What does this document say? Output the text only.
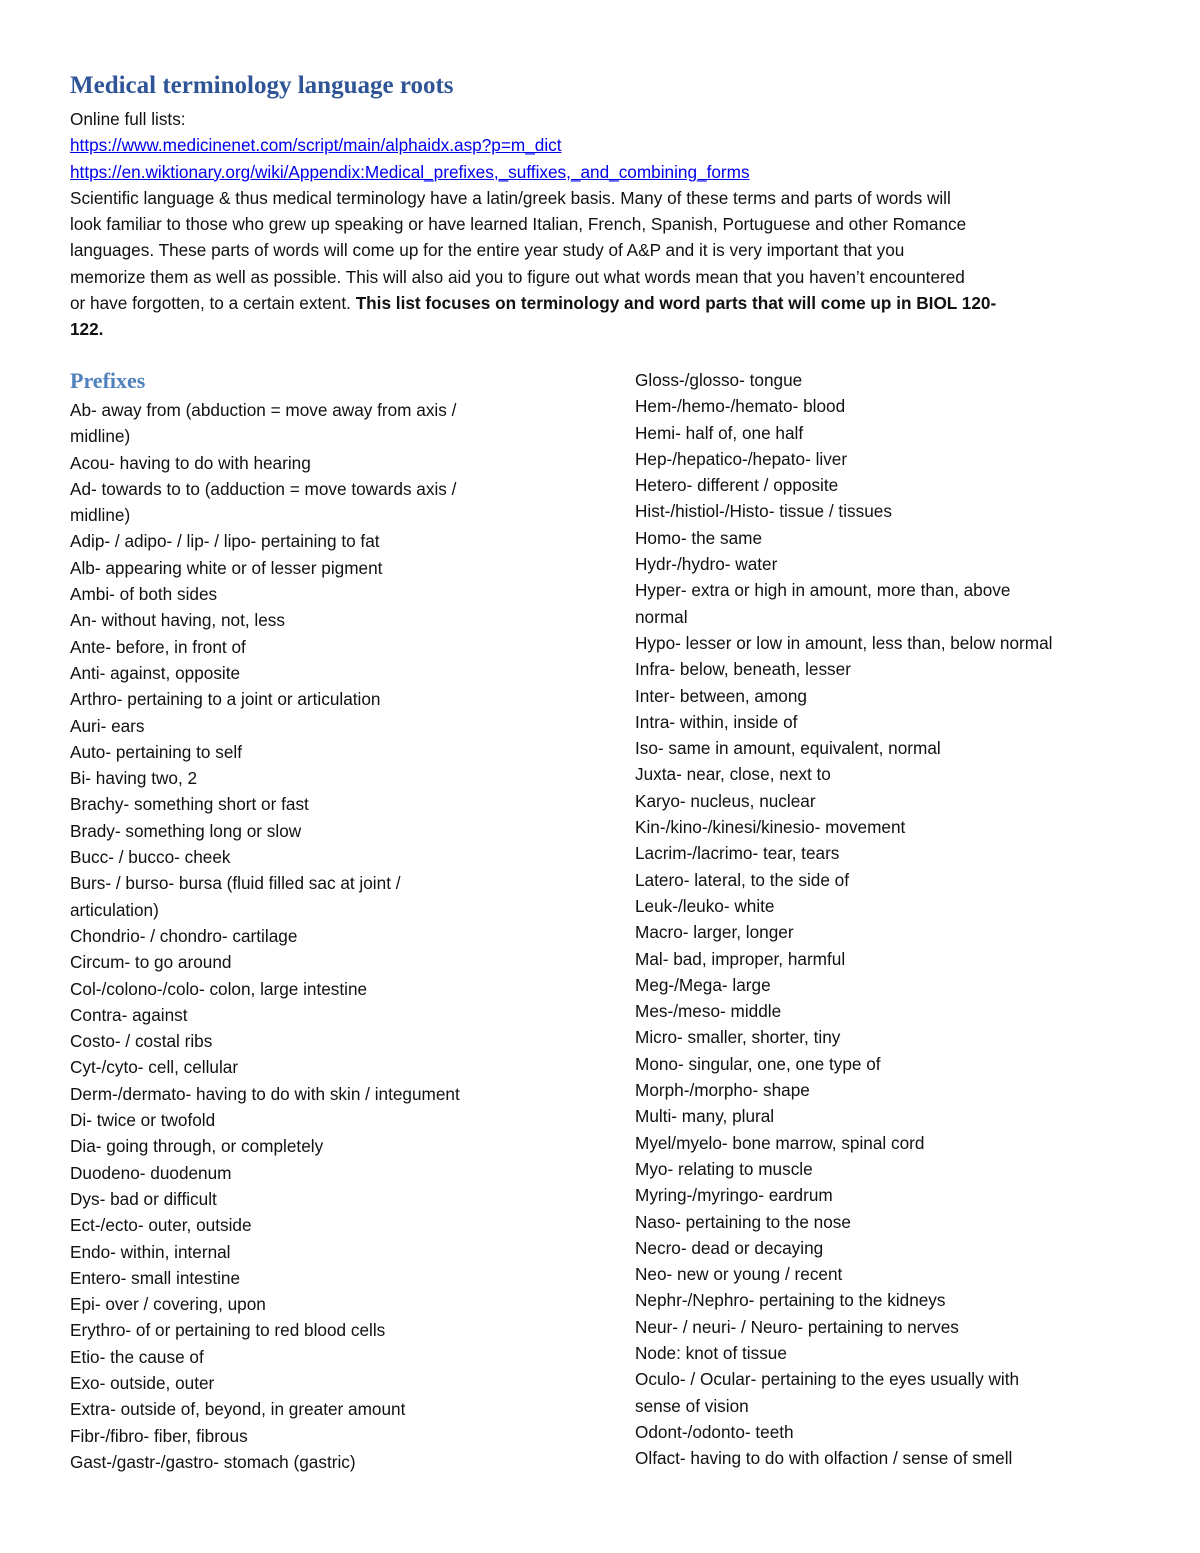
Medical terminology language roots
Online full lists:
https://www.medicinenet.com/script/main/alphaidx.asp?p=m_dict
https://en.wiktionary.org/wiki/Appendix:Medical_prefixes,_suffixes,_and_combining_forms
Scientific language & thus medical terminology have a latin/greek basis. Many of these terms and parts of words will
look familiar to those who grew up speaking or have learned Italian, French, Spanish, Portuguese and other Romance
languages. These parts of words will come up for the entire year study of A&P and it is very important that you
memorize them as well as possible. This will also aid you to figure out what words mean that you haven’t encountered
or have forgotten, to a certain extent. This list focuses on terminology and word parts that will come up in BIOL 120-
122.
Prefixes
Ab- away from (abduction = move away from axis /
midline)
Acou- having to do with hearing
Ad- towards to to (adduction = move towards axis /
midline)
Adip- / adipo- / lip- / lipo- pertaining to fat
Alb- appearing white or of lesser pigment
Ambi- of both sides
An- without having, not, less
Ante- before, in front of
Anti- against, opposite
Arthro- pertaining to a joint or articulation
Auri- ears
Auto- pertaining to self
Bi- having two, 2
Brachy- something short or fast
Brady- something long or slow
Bucc- / bucco- cheek
Burs- / burso- bursa (fluid filled sac at joint /
articulation)
Chondrio- / chondro- cartilage
Circum- to go around
Col-/colono-/colo- colon, large intestine
Contra- against
Costo- / costal ribs
Cyt-/cyto- cell, cellular
Derm-/dermato- having to do with skin / integument
Di- twice or twofold
Dia- going through, or completely
Duodeno- duodenum
Dys- bad or difficult
Ect-/ecto- outer, outside
Endo- within, internal
Entero- small intestine
Epi- over / covering, upon
Erythro- of or pertaining to red blood cells
Etio- the cause of
Exo- outside, outer
Extra- outside of, beyond, in greater amount
Fibr-/fibro- fiber, fibrous
Gast-/gastr-/gastro- stomach (gastric)
Gloss-/glosso- tongue
Hem-/hemo-/hemato- blood
Hemi- half of, one half
Hep-/hepatico-/hepato- liver
Hetero- different / opposite
Hist-/histiol-/Histo- tissue / tissues
Homo- the same
Hydr-/hydro- water
Hyper- extra or high in amount, more than, above
normal
Hypo- lesser or low in amount, less than, below normal
Infra- below, beneath, lesser
Inter- between, among
Intra- within, inside of
Iso- same in amount, equivalent, normal
Juxta- near, close, next to
Karyo- nucleus, nuclear
Kin-/kino-/kinesi/kinesio- movement
Lacrim-/lacrimo- tear, tears
Latero- lateral, to the side of
Leuk-/leuko- white
Macro- larger, longer
Mal- bad, improper, harmful
Meg-/Mega- large
Mes-/meso- middle
Micro- smaller, shorter, tiny
Mono- singular, one, one type of
Morph-/morpho- shape
Multi- many, plural
Myel/myelo- bone marrow, spinal cord
Myo- relating to muscle
Myring-/myringo- eardrum
Naso- pertaining to the nose
Necro- dead or decaying
Neo- new or young / recent
Nephr-/Nephro- pertaining to the kidneys
Neur- / neuri- / Neuro- pertaining to nerves
Node: knot of tissue
Oculo- / Ocular- pertaining to the eyes usually with
sense of vision
Odont-/odonto- teeth
Olfact- having to do with olfaction / sense of smell
